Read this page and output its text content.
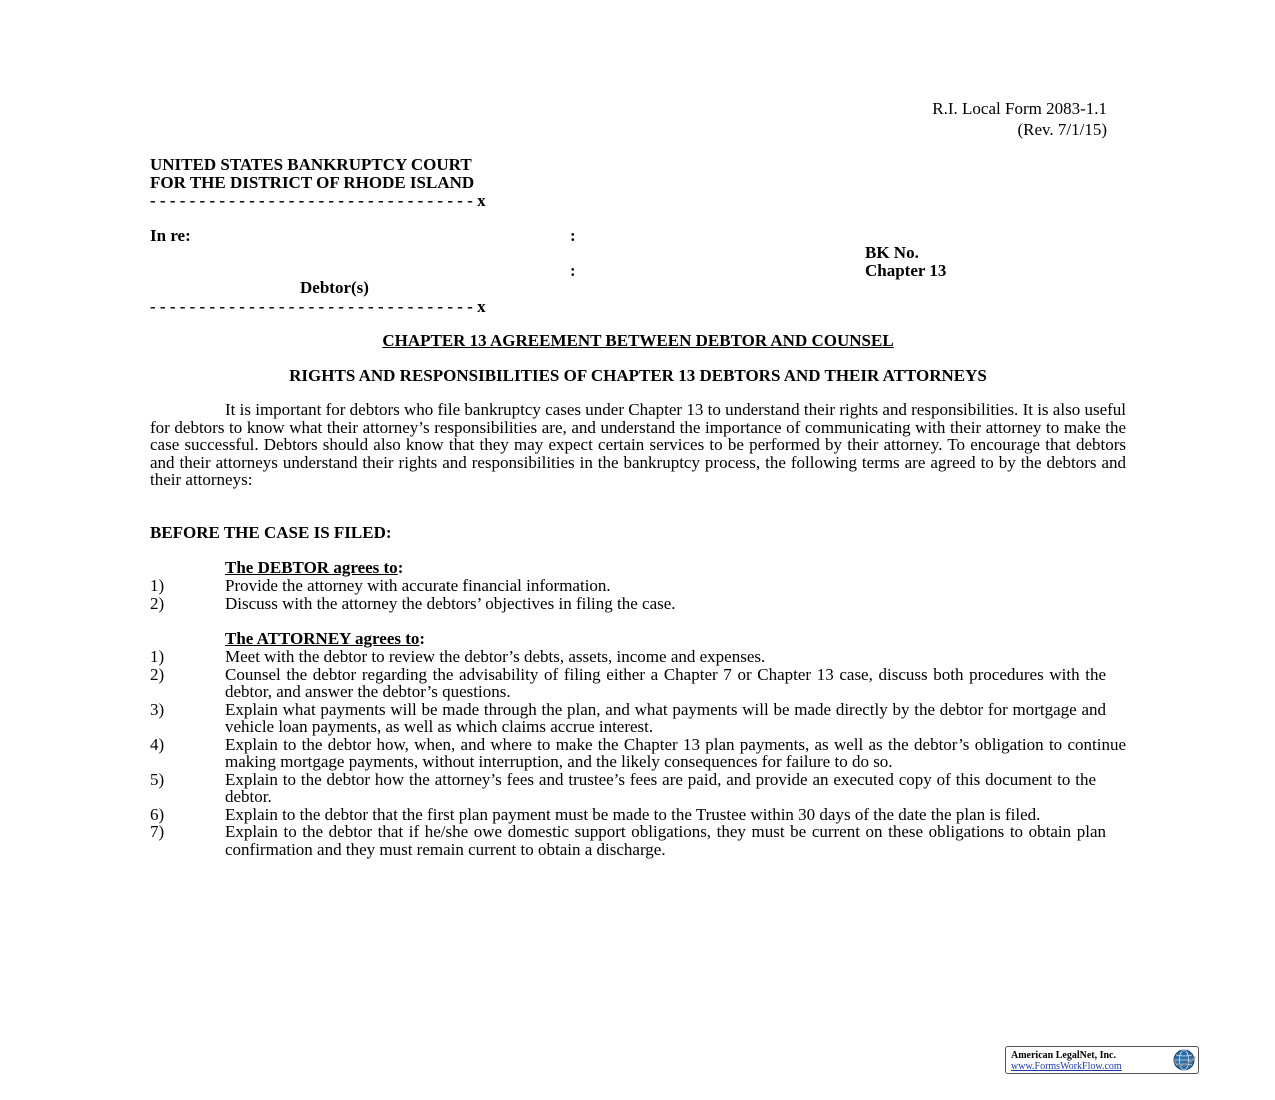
R.I. Local Form 2083-1.1
(Rev. 7/1/15)
UNITED STATES BANKRUPTCY COURT
FOR THE DISTRICT OF RHODE ISLAND
- - - - - - - - - - - - - - - - - - - - - - - - - - - - - - - - - x
In re:	:
BK No.
:	Chapter 13
Debtor(s)
- - - - - - - - - - - - - - - - - - - - - - - - - - - - - - - - - x
CHAPTER 13 AGREEMENT BETWEEN DEBTOR AND COUNSEL
RIGHTS AND RESPONSIBILITIES OF CHAPTER 13 DEBTORS AND THEIR ATTORNEYS
It is important for debtors who file bankruptcy cases under Chapter 13 to understand their rights and responsibilities. It is also useful for debtors to know what their attorney’s responsibilities are, and understand the importance of communicating with their attorney to make the case successful. Debtors should also know that they may expect certain services to be performed by their attorney. To encourage that debtors and their attorneys understand their rights and responsibilities in the bankruptcy process, the following terms are agreed to by the debtors and their attorneys:
BEFORE THE CASE IS FILED:
The DEBTOR agrees to:
1)	Provide the attorney with accurate financial information.
2)	Discuss with the attorney the debtors’ objectives in filing the case.
The ATTORNEY agrees to:
1)	Meet with the debtor to review the debtor’s debts, assets, income and expenses.
2)	Counsel the debtor regarding the advisability of filing either a Chapter 7 or Chapter 13 case, discuss both procedures with the debtor, and answer the debtor’s questions.
3)	Explain what payments will be made through the plan, and what payments will be made directly by the debtor for mortgage and vehicle loan payments, as well as which claims accrue interest.
4)	Explain to the debtor how, when, and where to make the Chapter 13 plan payments, as well as the debtor’s obligation to continue making mortgage payments, without interruption, and the likely consequences for failure to do so.
5)	Explain to the debtor how the attorney’s fees and trustee’s fees are paid, and provide an executed copy of this document to the debtor.
6)	Explain to the debtor that the first plan payment must be made to the Trustee within 30 days of the date the plan is filed.
7)	Explain to the debtor that if he/she owe domestic support obligations, they must be current on these obligations to obtain plan confirmation and they must remain current to obtain a discharge.
American LegalNet, Inc.
www.FormsWorkFlow.com
